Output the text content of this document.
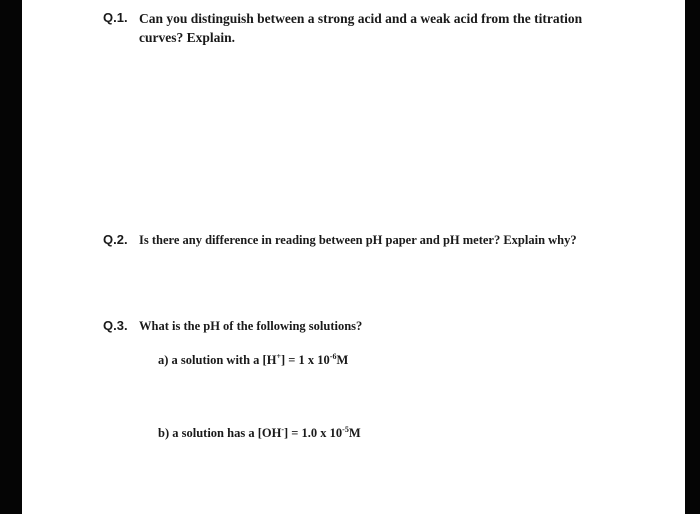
Q.1. Can you distinguish between a strong acid and a weak acid from the titration
curves? Explain.
Q.2. Is there any difference in reading between pH paper and pH meter? Explain why?
Q.3. What is the pH of the following solutions?
a) a solution with a [H+] = 1 x $10^{-6}M$
b) a solution has a [OH-] = 1.0 x $10^{-5}M$
